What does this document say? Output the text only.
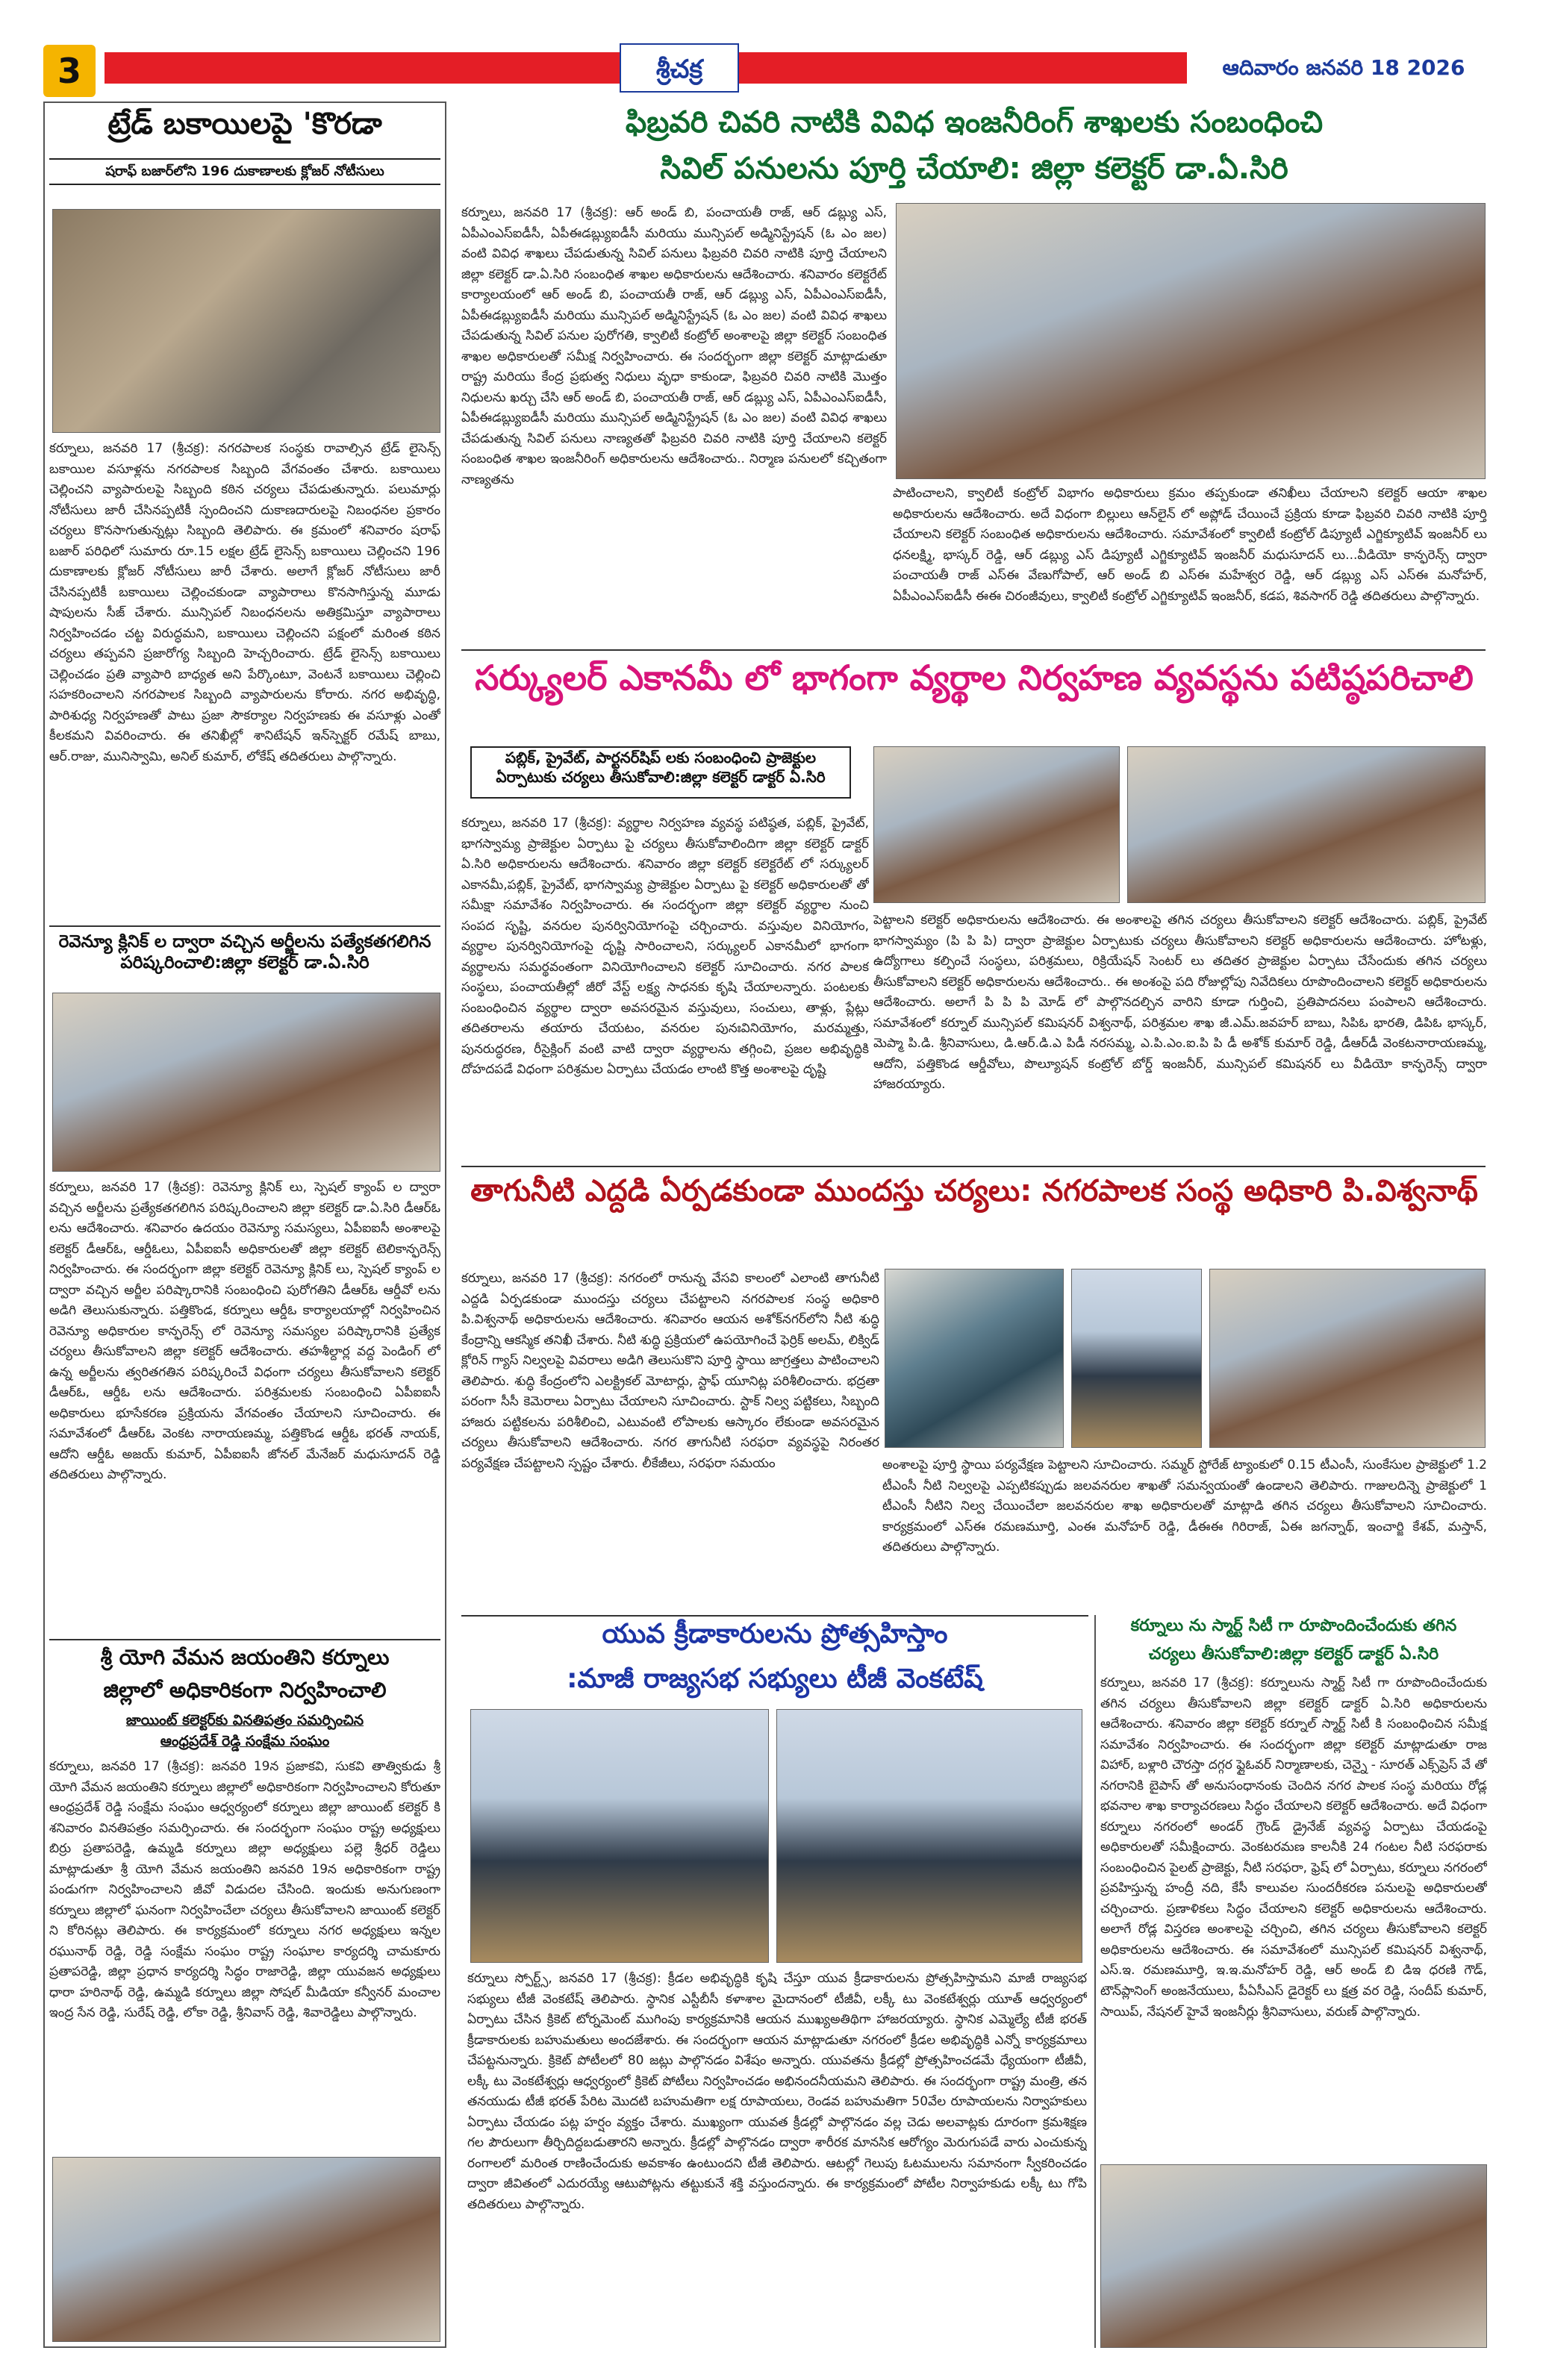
3	శ్రీచక్ర	ఆదివారం జనవరి 18 2026
ట్రేడ్ బకాయిలపై 'కొరడా
షరాఫ్ బజార్‌లోని 196 దుకాణాలకు క్లోజర్ నోటీసులు
కర్నూలు, జనవరి 17 (శ్రీచక్ర): నగరపాలక సంస్థకు రావాల్సిన ట్రేడ్ లైసెన్స్ బకాయిల వసూళ్లను నగరపాలక సిబ్బంది వేగవంతం చేశారు. బకాయిలు చెల్లించని వ్యాపారులపై సిబ్బంది కఠిన చర్యలు చేపడుతున్నారు. పలుమార్లు నోటీసులు జారీ చేసినప్పటికీ స్పందించని దుకాణదారులపై నిబంధనల ప్రకారం చర్యలు కొనసాగుతున్నట్లు సిబ్బంది తెలిపారు. ఈ క్రమంలో శనివారం షరాఫ్ బజార్ పరిధిలో సుమారు రూ.15 లక్షల ట్రేడ్ లైసెన్స్ బకాయిలు చెల్లించని 196 దుకాణాలకు క్లోజర్ నోటీసులు జారీ చేశారు. అలాగే క్లోజర్ నోటీసులు జారీ చేసినప్పటికీ బకాయిలు చెల్లించకుండా వ్యాపారాలు కొనసాగిస్తున్న మూడు షాపులను సీజ్ చేశారు. మున్సిపల్ నిబంధనలను అతిక్రమిస్తూ వ్యాపారాలు నిర్వహించడం చట్ట విరుద్ధమని, బకాయిలు చెల్లించని పక్షంలో మరింత కఠిన చర్యలు తప్పవని ప్రజారోగ్య సిబ్బంది హెచ్చరించారు. ట్రేడ్ లైసెన్స్ బకాయిలు చెల్లించడం ప్రతి వ్యాపారి బాధ్యత అని పేర్కొంటూ, వెంటనే బకాయిలు చెల్లించి సహకరించాలని నగరపాలక సిబ్బంది వ్యాపారులను కోరారు. నగర అభివృద్ధి, పారిశుధ్య నిర్వహణతో పాటు ప్రజా సౌకర్యాల నిర్వహణకు ఈ వసూళ్లు ఎంతో కీలకమని వివరించారు. ఈ తనిఖీల్లో శానిటేషన్ ఇన్‌స్పెక్టర్ రమేష్ బాబు, ఆర్.రాజు, మునిస్వామి, అనిల్ కుమార్, లోకేష్ తదితరులు పాల్గొన్నారు.
రెవెన్యూ క్లినిక్ ల ద్వారా వచ్చిన అర్జీలను పత్యేకతగలిగిన పరిష్కరించాలి:జిల్లా కలెక్టర్ డా.ఏ.సిరి
కర్నూలు, జనవరి 17 (శ్రీచక్ర): రెవెన్యూ క్లినిక్ లు, స్పెషల్ క్యాంప్ ల ద్వారా వచ్చిన అర్జీలను ప్రత్యేకతగలిగిన పరిష్కరించాలని జిల్లా కలెక్టర్ డా.ఏ.సిరి డీఆర్‌ఓ లను ఆదేశించారు. శనివారం ఉదయం రెవెన్యూ సమస్యలు, ఏపీఐఐసీ అంశాలపై కలెక్టర్ డీఆర్‌ఓ, ఆర్డీఓలు, ఏపీఐఐసీ అధికారులతో జిల్లా కలెక్టర్ టెలికాన్ఫరెన్స్ నిర్వహించారు. ఈ సందర్భంగా జిల్లా కలెక్టర్ రెవెన్యూ క్లినిక్ లు, స్పెషల్ క్యాంప్ ల ద్వారా వచ్చిన అర్జీల పరిష్కారానికి సంబంధించి పురోగతిని డీఆర్‌ఓ ఆర్డీవో లను అడిగి తెలుసుకున్నారు. పత్తికొండ, కర్నూలు ఆర్డీఓ కార్యాలయాల్లో నిర్వహించిన రెవెన్యూ అధికారుల కాన్ఫరెన్స్ లో రెవెన్యూ సమస్యల పరిష్కారానికి ప్రత్యేక చర్యలు తీసుకోవాలని జిల్లా కలెక్టర్ ఆదేశించారు. తహశీల్దార్ల వద్ద పెండింగ్ లో ఉన్న అర్జీలను త్వరితగతిన పరిష్కరించే విధంగా చర్యలు తీసుకోవాలని కలెక్టర్ డీఆర్‌ఓ, ఆర్డీఓ లను ఆదేశించారు. పరిశ్రమలకు సంబంధించి ఏపీఐఐసీ అధికారులు భూసేకరణ ప్రక్రియను వేగవంతం చేయాలని సూచించారు. ఈ సమావేశంలో డీఆర్‌ఓ వెంకట నారాయణమ్మ, పత్తికొండ ఆర్డీఓ భరత్ నాయక్, ఆదోని ఆర్డీఓ అజయ్ కుమార్, ఏపీఐఐసీ జోనల్ మేనేజర్ మధుసూదన్ రెడ్డి తదితరులు పాల్గొన్నారు.
శ్రీ యోగి వేమన జయంతిని కర్నూలు
జిల్లాలో అధికారికంగా నిర్వహించాలి
జాయింట్ కలెక్టర్‌కు వినతిపత్రం సమర్పించిన
ఆంధ్రప్రదేశ్ రెడ్డి సంక్షేమ సంఘం
కర్నూలు, జనవరి 17 (శ్రీచక్ర): జనవరి 19న ప్రజాకవి, సుకవి తాత్వికుడు శ్రీ యోగి వేమన జయంతిని కర్నూలు జిల్లాలో అధికారికంగా నిర్వహించాలని కోరుతూ ఆంధ్రప్రదేశ్ రెడ్డి సంక్షేమ సంఘం ఆధ్వర్యంలో కర్నూలు జిల్లా జాయింట్ కలెక్టర్ కి శనివారం వినతిపత్రం సమర్పించారు. ఈ సందర్భంగా సంఘం రాష్ట్ర అధ్యక్షులు బిర్రు ప్రతాపరెడ్డి, ఉమ్మడి కర్నూలు జిల్లా అధ్యక్షులు పల్లె శ్రీధర్ రెడ్డిలు మాట్లాడుతూ శ్రీ యోగి వేమన జయంతిని జనవరి 19న అధికారికంగా రాష్ట్ర పండుగగా నిర్వహించాలని జీవో విడుదల చేసింది. ఇందుకు అనుగుణంగా కర్నూలు జిల్లాలో ఘనంగా నిర్వహించేలా చర్యలు తీసుకోవాలని జాయింట్ కలెక్టర్ ని కోరినట్లు తెలిపారు. ఈ కార్యక్రమంలో కర్నూలు నగర అధ్యక్షులు ఇన్నల రఘునాథ్ రెడ్డి, రెడ్డి సంక్షేమ సంఘం రాష్ట్ర సంఘాల కార్యదర్శి చామకూరు ప్రతాపరెడ్డి, జిల్లా ప్రధాన కార్యదర్శి సిద్ధం రాజారెడ్డి, జిల్లా యువజన అధ్యక్షులు ధారా హరినాథ్ రెడ్డి, ఉమ్మడి కర్నూలు జిల్లా సోషల్ మీడియా కన్వీనర్ మంచాల ఇంద్ర సేన రెడ్డి, సురేష్ రెడ్డి, లోకా రెడ్డి, శ్రీనివాస్ రెడ్డి, శివారెడ్డిలు పాల్గొన్నారు.
ఫిబ్రవరి చివరి నాటికి వివిధ ఇంజనీరింగ్ శాఖలకు సంబంధించి
సివిల్ పనులను పూర్తి చేయాలి: జిల్లా కలెక్టర్ డా.ఏ.సిరి
కర్నూలు, జనవరి 17 (శ్రీచక్ర): ఆర్ అండ్ బి, పంచాయతీ రాజ్, ఆర్ డబ్ల్యు ఎస్, ఏపీఎంఎస్ఐడీసీ, ఏపీఈడబ్ల్యుఐడీసీ మరియు మున్సిపల్ అడ్మినిస్ట్రేషన్ (ఓ ఎం జల) వంటి వివిధ శాఖలు చేపడుతున్న సివిల్ పనులు ఫిబ్రవరి చివరి నాటికి పూర్తి చేయాలని జిల్లా కలెక్టర్ డా.ఏ.సిరి సంబంధిత శాఖల అధికారులను ఆదేశించారు. శనివారం కలెక్టరేట్ కార్యాలయంలో ఆర్ అండ్ బి, పంచాయతీ రాజ్, ఆర్ డబ్ల్యు ఎస్, ఏపీఎంఎస్ఐడీసీ, ఏపీఈడబ్ల్యుఐడీసీ మరియు మున్సిపల్ అడ్మినిస్ట్రేషన్ (ఓ ఎం జల) వంటి వివిధ శాఖలు చేపడుతున్న సివిల్ పనుల పురోగతి, క్వాలిటీ కంట్రోల్ అంశాలపై జిల్లా కలెక్టర్ సంబంధిత శాఖల అధికారులతో సమీక్ష నిర్వహించారు. ఈ సందర్భంగా జిల్లా కలెక్టర్ మాట్లాడుతూ రాష్ట్ర మరియు కేంద్ర ప్రభుత్వ నిధులు వృధా కాకుండా, ఫిబ్రవరి చివరి నాటికి మొత్తం నిధులను ఖర్చు చేసి ఆర్ అండ్ బి, పంచాయతీ రాజ్, ఆర్ డబ్ల్యు ఎస్, ఏపీఎంఎస్ఐడీసీ, ఏపీఈడబ్ల్యుఐడీసీ మరియు మున్సిపల్ అడ్మినిస్ట్రేషన్ (ఓ ఎం జల) వంటి వివిధ శాఖలు చేపడుతున్న సివిల్ పనులు నాణ్యతతో ఫిబ్రవరి చివరి నాటికి పూర్తి చేయాలని కలెక్టర్ సంబంధిత శాఖల ఇంజనీరింగ్ అధికారులను ఆదేశించారు.. నిర్మాణ పనులలో కచ్చితంగా నాణ్యతను
పాటించాలని, క్వాలిటీ కంట్రోల్ విభాగం అధికారులు క్రమం తప్పకుండా తనిఖీలు చేయాలని కలెక్టర్ ఆయా శాఖల అధికారులను ఆదేశించారు. అదే విధంగా బిల్లులు ఆన్‌లైన్ లో అప్లోడ్ చేయించే ప్రక్రియ కూడా ఫిబ్రవరి చివరి నాటికి పూర్తి చేయాలని కలెక్టర్ సంబంధిత అధికారులను ఆదేశించారు. సమావేశంలో క్వాలిటీ కంట్రోల్ డిప్యూటీ ఎగ్జిక్యూటివ్ ఇంజనీర్ లు ధనలక్ష్మి, భాస్కర్ రెడ్డి, ఆర్ డబ్ల్యు ఎస్ డిప్యూటీ ఎగ్జిక్యూటివ్ ఇంజనీర్ మధుసూదన్ లు...వీడియో కాన్ఫరెన్స్ ద్వారా పంచాయతీ రాజ్ ఎస్ఈ వేణుగోపాల్, ఆర్ అండ్ బి ఎస్ఈ మహేశ్వర రెడ్డి, ఆర్ డబ్ల్యు ఎస్ ఎస్ఈ మనోహర్, ఏపీఎంఎస్ఐడీసీ ఈఈ చిరంజీవులు, క్వాలిటీ కంట్రోల్ ఎగ్జిక్యూటివ్ ఇంజనీర్, కడప, శివసాగర్ రెడ్డి తదితరులు పాల్గొన్నారు.
సర్క్యులర్ ఎకానమీ లో భాగంగా వ్యర్థాల నిర్వహణ వ్యవస్థను పటిష్ఠపరిచాలి
పబ్లిక్, ప్రైవేట్, పార్టనర్‌షిప్ లకు సంబంధించి ప్రాజెక్టుల
ఏర్పాటుకు చర్యలు తీసుకోవాలి:జిల్లా కలెక్టర్ డాక్టర్ ఏ.సిరి
కర్నూలు, జనవరి 17 (శ్రీచక్ర): వ్యర్థాల నిర్వహణ వ్యవస్థ పటిష్ఠత, పబ్లిక్, ప్రైవేట్, భాగస్వామ్య ప్రాజెక్టుల ఏర్పాటు పై చర్యలు తీసుకోవాలిందిగా జిల్లా కలెక్టర్ డాక్టర్ ఏ.సిరి అధికారులను ఆదేశించారు. శనివారం జిల్లా కలెక్టర్ కలెక్టరేట్ లో సర్క్యులర్ ఎకానమీ,పబ్లిక్, ప్రైవేట్, భాగస్వామ్య ప్రాజెక్టుల ఏర్పాటు పై కలెక్టర్ అధికారులతో తో సమీక్షా సమావేశం నిర్వహించారు. ఈ సందర్భంగా జిల్లా కలెక్టర్ వ్యర్థాల నుంచి సంపద సృష్టి, వనరుల పునర్వినియోగంపై చర్చించారు. వస్తువుల వినియోగం, వ్యర్థాల పునర్వినియోగంపై దృష్టి సారించాలని, సర్క్యులర్ ఎకానమీలో భాగంగా వ్యర్థాలను సమర్థవంతంగా వినియోగించాలని కలెక్టర్ సూచించారు. నగర పాలక సంస్థలు, పంచాయతీల్లో జీరో వేస్ట్ లక్ష్య సాధనకు కృషి చేయాలన్నారు. పంటలకు సంబంధించిన వ్యర్థాల ద్వారా అవసరమైన వస్తువులు, సంచులు, తాళ్లు, ప్లేట్లు తదితరాలను తయారు చేయటం, వనరుల పునఃవినియోగం, మరమ్మత్తు, పునరుద్ధరణ, రీసైక్లింగ్ వంటి వాటి ద్వారా వ్యర్థాలను తగ్గించి, ప్రజల అభివృద్ధికి దోహదపడే విధంగా పరిశ్రమల ఏర్పాటు చేయడం లాంటి కొత్త అంశాలపై దృష్టి
పెట్టాలని కలెక్టర్ అధికారులను ఆదేశించారు. ఈ అంశాలపై తగిన చర్యలు తీసుకోవాలని కలెక్టర్ ఆదేశించారు. పబ్లిక్, ప్రైవేట్ భాగస్వామ్యం (పి పి పి) ద్వారా ప్రాజెక్టుల ఏర్పాటుకు చర్యలు తీసుకోవాలని కలెక్టర్ అధికారులను ఆదేశించారు. హోటళ్లు, ఉద్యోగాలు కల్పించే సంస్థలు, పరిశ్రమలు, రిక్రియేషన్ సెంటర్ లు తదితర ప్రాజెక్టుల ఏర్పాటు చేసేందుకు తగిన చర్యలు తీసుకోవాలని కలెక్టర్ అధికారులను ఆదేశించారు.. ఈ అంశంపై పది రోజుల్లోపు నివేదికలు రూపొందించాలని కలెక్టర్ అధికారులను ఆదేశించారు. అలాగే పి పి పి మోడ్ లో పాల్గొనదల్చిన వారిని కూడా గుర్తించి, ప్రతిపాదనలు పంపాలని ఆదేశించారు. సమావేశంలో కర్నూల్ మున్సిపల్ కమిషనర్ విశ్వనాథ్, పరిశ్రమల శాఖ జీ.ఎమ్.జవహర్ బాబు, సిపిఓ భారతి, డిపిఓ భాస్కర్, మెప్మా పి.డి. శ్రీనివాసులు, డి.ఆర్.డి.ఎ పిడీ నరసమ్మ, ఎ.పి.ఎం.ఐ.పి పి డీ అశోక్ కుమార్ రెడ్డి, డీఆర్‌డీ వెంకటనారాయణమ్మ, ఆదోని, పత్తికొండ ఆర్డీవోలు, పొల్యూషన్ కంట్రోల్ బోర్డ్ ఇంజనీర్, మున్సిపల్ కమిషనర్ లు వీడియో కాన్ఫరెన్స్ ద్వారా హాజరయ్యారు.
తాగునీటి ఎద్దడి ఏర్పడకుండా ముందస్తు చర్యలు: నగరపాలక సంస్థ అధికారి పి.విశ్వనాథ్
కర్నూలు, జనవరి 17 (శ్రీచక్ర): నగరంలో రానున్న వేసవి కాలంలో ఎలాంటి తాగునీటి ఎద్దడి ఏర్పడకుండా ముందస్తు చర్యలు చేపట్టాలని నగరపాలక సంస్థ అధికారి పి.విశ్వనాథ్ అధికారులను ఆదేశించారు. శనివారం ఆయన అశోక్‌నగర్‌లోని నీటి శుద్ధి కేంద్రాన్ని ఆకస్మిక తనిఖీ చేశారు. నీటి శుద్ధి ప్రక్రియలో ఉపయోగించే ఫెర్రిక్ అలమ్, లిక్విడ్ క్లోరిన్ గ్యాస్ నిల్వలపై వివరాలు అడిగి తెలుసుకొని పూర్తి స్థాయి జాగ్రత్తలు పాటించాలని తెలిపారు. శుద్ధి కేంద్రంలోని ఎలక్ట్రికల్ మోటార్లు, స్టాఫ్ యూనిట్ల పరిశీలించారు. భద్రతా పరంగా సీసీ కెమెరాలు ఏర్పాటు చేయాలని సూచించారు. స్టాక్ నిల్వ పట్టికలు, సిబ్బంది హాజరు పట్టికలను పరిశీలించి, ఎటువంటి లోపాలకు ఆస్కారం లేకుండా అవసరమైన చర్యలు తీసుకోవాలని ఆదేశించారు. నగర తాగునీటి సరఫరా వ్యవస్థపై నిరంతర పర్యవేక్షణ చేపట్టాలని స్పష్టం చేశారు. లీకేజీలు, సరఫరా సమయం	అంశాలపై పూర్తి స్థాయి పర్యవేక్షణ పెట్టాలని సూచించారు. సమ్మర్ స్టోరేజ్ ట్యాంకులో 0.15 టీఎంసీ, సుంకేసుల ప్రాజెక్టులో 1.2 టీఎంసీ నీటి నిల్వలపై ఎప్పటికప్పుడు జలవనరుల శాఖతో సమన్వయంతో ఉండాలని తెలిపారు. గాజులదిన్నె ప్రాజెక్టులో 1 టీఎంసీ నీటిని నిల్వ చేయించేలా జలవనరుల శాఖ అధికారులతో మాట్లాడి తగిన చర్యలు తీసుకోవాలని సూచించారు. కార్యక్రమంలో ఎస్ఈ రమణమూర్తి, ఎంఈ మనోహర్ రెడ్డి, డీఈఈ గిరిరాజ్, ఏఈ జగన్నాథ్, ఇంచార్జి కేశవ్, మస్తాన్, తదితరులు పాల్గొన్నారు.
యువ క్రీడాకారులను ప్రోత్సహిస్తాం
:మాజీ రాజ్యసభ సభ్యులు టీజీ వెంకటేష్
కర్నూలు స్పోర్ట్స్, జనవరి 17 (శ్రీచక్ర): క్రీడల అభివృద్ధికి కృషి చేస్తూ యువ క్రీడాకారులను ప్రోత్సహిస్తామని మాజీ రాజ్యసభ సభ్యులు టీజీ వెంకటేష్ తెలిపారు. స్థానిక ఎస్టీబీసీ కళాశాల మైదానంలో టీజీవీ, లక్కీ టు వెంకటేశ్వర్లు యూత్ ఆధ్వర్యంలో ఏర్పాటు చేసిన క్రికెట్ టోర్నమెంట్ ముగింపు కార్యక్రమానికి ఆయన ముఖ్యఅతిథిగా హాజరయ్యారు. స్థానిక ఎమ్మెల్యే టీజీ భరత్ క్రీడాకారులకు బహుమతులు అందజేశారు. ఈ సందర్భంగా ఆయన మాట్లాడుతూ నగరంలో క్రీడల అభివృద్ధికి ఎన్నో కార్యక్రమాలు చేపట్టనున్నారు. క్రికెట్ పోటీలలో 80 జట్లు పాల్గొనడం విశేషం అన్నారు. యువతను క్రీడల్లో ప్రోత్సహించడమే ధ్యేయంగా టీజీవీ, లక్కీ టు వెంకటేశ్వర్లు ఆధ్వర్యంలో క్రికెట్ పోటీలు నిర్వహించడం అభినందనీయమని తెలిపారు. ఈ సందర్భంగా రాష్ట్ర మంత్రి, తన తనయుడు టీజీ భరత్ పేరిట మొదటి బహుమతిగా లక్ష రూపాయలు, రెండవ బహుమతిగా 50వేల రూపాయలను నిర్వాహకులు ఏర్పాటు చేయడం పట్ల హర్షం వ్యక్తం చేశారు. ముఖ్యంగా యువత క్రీడల్లో పాల్గొనడం వల్ల చెడు అలవాట్లకు దూరంగా క్రమశిక్షణ గల పౌరులుగా తీర్చిదిద్దబడుతారని అన్నారు. క్రీడల్లో పాల్గొనడం ద్వారా శారీరక మానసిక ఆరోగ్యం మెరుగుపడే వారు ఎంచుకున్న రంగాలలో మరింత రాణించేందుకు అవకాశం ఉంటుందని టీజీ తెలిపారు. ఆటల్లో గెలుపు ఓటములను సమానంగా స్వీకరించడం ద్వారా జీవితంలో ఎదురయ్యే ఆటుపోట్లను తట్టుకునే శక్తి వస్తుందన్నారు. ఈ కార్యక్రమంలో పోటీల నిర్వాహకుడు లక్కీ టు గోపి తదితరులు పాల్గొన్నారు.
కర్నూలు ను స్మార్ట్ సిటీ గా రూపొందించేందుకు తగిన
చర్యలు తీసుకోవాలి:జిల్లా కలెక్టర్ డాక్టర్ ఏ.సిరి
కర్నూలు, జనవరి 17 (శ్రీచక్ర): కర్నూలును స్మార్ట్ సిటీ గా రూపొందించేందుకు తగిన చర్యలు తీసుకోవాలని జిల్లా కలెక్టర్ డాక్టర్ ఏ.సిరి అధికారులను ఆదేశించారు. శనివారం జిల్లా కలెక్టర్ కర్నూల్ స్మార్ట్ సిటీ కి సంబంధించిన సమీక్ష సమావేశం నిర్వహించారు. ఈ సందర్భంగా జిల్లా కలెక్టర్ మాట్లాడుతూ రాజ విహార్, బళ్లారి చౌరస్తా దగ్గర ఫ్లైఓవర్ నిర్మాణాలకు, చెన్నై - సూరత్ ఎక్స్‌ప్రెస్ వే తో నగరానికి బైపాస్ తో అనుసంధానంకు చెందిన నగర పాలక సంస్థ మరియు రోడ్ల భవనాల శాఖ కార్యాచరణలు సిద్ధం చేయాలని కలెక్టర్ ఆదేశించారు. అదే విధంగా కర్నూలు నగరంలో అండర్ గ్రౌండ్ డ్రైనేజ్ వ్యవస్థ ఏర్పాటు చేయడంపై అధికారులతో సమీక్షించారు. వెంకటరమణ కాలనీకి 24 గంటల నీటి సరఫరాకు సంబంధించిన పైలట్ ప్రాజెక్టు, నీటి సరఫరా, ఫ్రెష్ లో ఏర్పాటు, కర్నూలు నగరంలో ప్రవహిస్తున్న హంద్రీ నది, కేసీ కాలువల సుందరీకరణ పనులపై అధికారులతో చర్చించారు. ప్రణాళికలు సిద్ధం చేయాలని కలెక్టర్ అధికారులను ఆదేశించారు. అలాగే రోడ్ల విస్తరణ అంశాలపై చర్చించి, తగిన చర్యలు తీసుకోవాలని కలెక్టర్ అధికారులను ఆదేశించారు. ఈ సమావేశంలో మున్సిపల్ కమిషనర్ విశ్వనాథ్, ఎస్.ఇ. రమణమూర్తి, ఇ.ఇ.మనోహర్ రెడ్డి, ఆర్ అండ్ బి డిఇ ధరణి గౌడ్, టౌన్‌ప్లానింగ్ అంజనేయులు, పీఏసీఎస్ డైరెక్టర్ లు క్షత్ర వర రెడ్డి, సందీప్ కుమార్, సాయిప్, నేషనల్ హైవే ఇంజనీర్లు శ్రీనివాసులు, వరుణ్ పాల్గొన్నారు.
